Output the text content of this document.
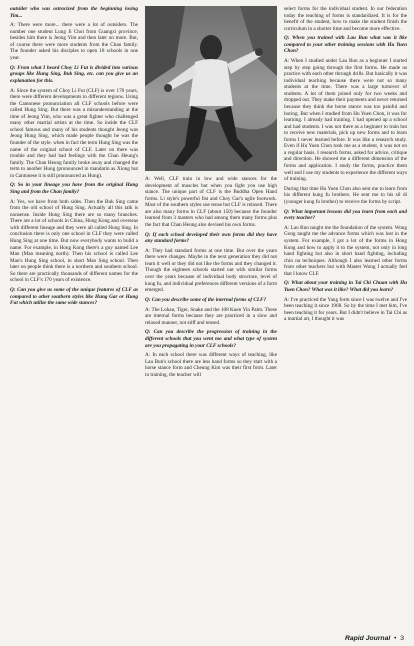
outsider who was ostracized from the beginning losing Yim...

A: There were more... there were a lot of outsiders. The number one student Lung Ji Choi from Guangxi province, besides him there is Jeong Yim and then later on more. But, of course there were more students from the Chan family. The founder asked his disciples to open 18 schools in one year.

Q: From what I heard Choy Li Fut is divided into various groups like Hung Sing, Buk Sing, etc. can you give us an explanation for this.

A: Since the system of Choy Li Fut (CLF) is over 170 years, there were different developments in different regions. Using the Cantonese pronunciation all CLF schools before were called Hung Sing. But there was a misunderstanding at the time of Jeong Yim, who was a great fighter who challenged many other martial artists at the time. So inside the CLF school famous and many of his students thought Jeong was Jeong Hung Sing, which made people thought he was the founder of the style. when in fact the term Hung Sing was the name of the original school of CLF. Later on there was trouble and they had bad feelings with the Chan Heung's family. The Chan Heung family broke away and changed the term to another Hung (pronounced in mandarin as Xiong but in Cantonese it is still pronounced as Hung).

Q: So in your lineage you have from the original Hung Sing and from the Chan family?

A: Yes, we have from both sides. Then the Buk Sing came from the old school of Hung Sing. Actually all this talk is nonsense. Inside Hung Sing there are so many branches. There are a lot of schools in China, Hong Kong and overseas with different lineage and they were all called Hung Sing. In conclusion there is only one school in CLF they were called Hung Sing at one time. But now everybody wants to build a name. For example, in Hong Kong there's a guy named Lee Man (Man meaning north). Then his school is called Lee Man's Hung Sing school, in short Man Sing school. Then later on people think there is a northern and southern school. So there are practically thousands of different names for the school in CLF's 170 years of existence.

Q: Can you give us some of the unique features of CLF as compared to other southern styles like Hung Gar or Hung Fut which utilize the same wide stances?

A: Well, CLF train in low and wide stances for the development of muscles but when you fight you use high stance. The unique part of CLF is the Buddha Open Hand forms. Li style's powerful fist and Choy Gar's agile footwork. Most of the southern styles use tense but CLF is relaxed. There are also many forms in CLF (about 150) because the founder learned from 3 masters who had among them many forms plus the fact that Chan Heung also devised his own forms.

Q: If each school developed their own forms did they have any standard forms?

A: They had standard forms at one time. But over the years there were changes. Maybe in the next generation they did not learn it well or they did not like the forms and they changed it. Though the eighteen schools started out with similar forms over the years because of individual body structure, level of kung fu, and individual preferences different versions of a form emerged.

Q: Can you describe some of the internal forms of CLF?

A: The Lohan, Tiger, Snake and the 108 Kuen Yin Palm. These are internal forms because they are practiced in a slow and relaxed manner, not stiff and tensed.

Q: Can you describe the progression of training in the different schools that you went too and what type of system are you propagating in your CLF schools?

A: In each school there was different ways of teaching, like Lau Bun's school there are less hand forms so they start with a horse stance form and Cheung Kim was their first form. Later in training, the teacher will

select forms for the individual student. In our federation today the teaching of forms is standardized. It is for the benefit of the student, how to make the student finish the curriculum in a shorter time and become more effective.

Q: When you trained with Lau Bun what was it like compared to your other training sessions with Hu Yuen Chon?

A: When I studied under Lau Bun as a beginner I started step by step going through the first forms. He made us practice with each other through drills. But basically it was individual teaching because there were not so many students at the time. There was a large turnover of students. A lot of them joined only for two weeks and dropped out. They make their payments and never returned because they think the horse stance was too painful and boring. But when I studied from Hu Yuen Chon, it was for learning. I already had training. I had opened up a school and had students. I was not there as a beginner to train but to receive new materials, pick up new forms and to learn forms I never learned before. It was like a research study. Even if Hu Yuen Chon took me as a student, it was not on a regular basis. I research forms, asked for advice, critique and direction. He showed me a different dimension of the forms and application. I study the forms, practice them well and I use my students to experience the different ways of training.

During that time Hu Yuen Chon also sent me to learn from his different kung fu brothers. He sent me to his sil di (younger kung fu brother) to receive the forms by script.

Q: What important lessons did you learn from each and every teacher?

A: Lau Bun taught me the foundation of the system. Wong Gong taught me the advance forms which was lost in the system. For example, I got a lot of the forms in Hong Kong and how to apply it to the system, not only in long hand fighting but also in short hand fighting, including chin na techniques. Although I also learned other forms from other teachers but with Master Wong I actually feel that I know CLF.

Q: What about your training in Tai Chi Chuan with Hu Yuen Chon? What was it like? What did you learn?

A: I've practiced the Yang form since I was twelve and I've been teaching it since 1968. So by the time I met him, I've been teaching it for years. But I didn't believe in Tai Chi as a martial art, I thought it was

Rapid Journal  •  3
